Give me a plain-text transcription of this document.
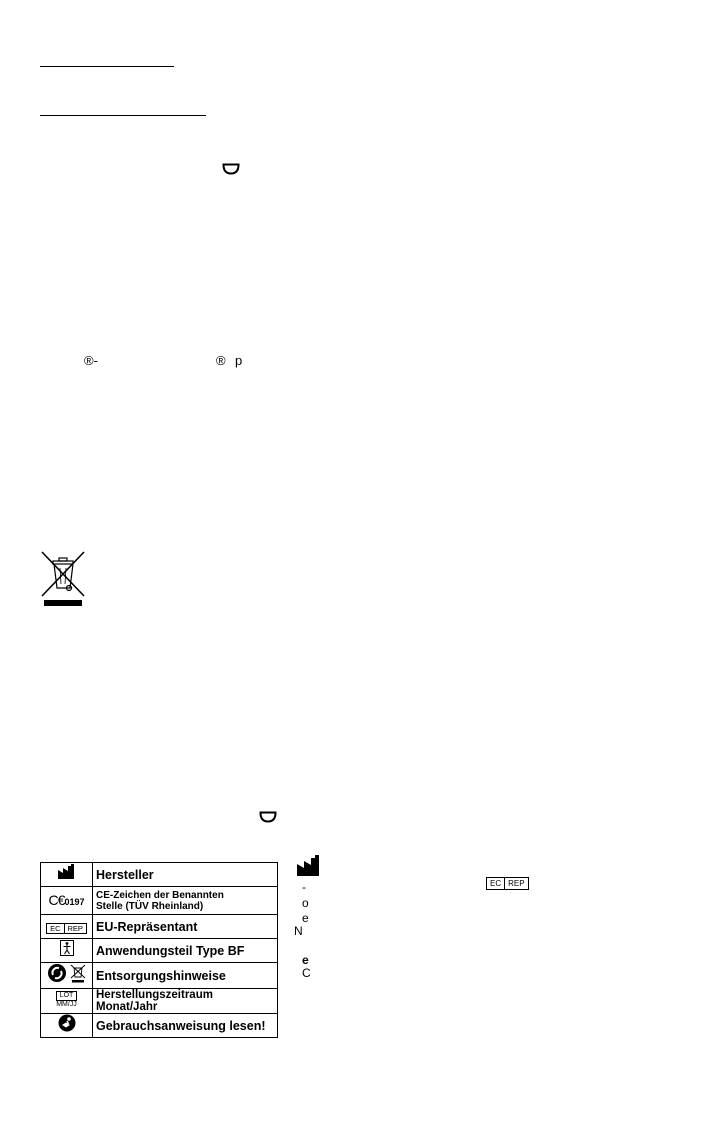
®-	® p
	Hersteller
C€0197	CE-Zeichen der Benannten
Stelle (TÜV Rheinland)

EC REP	EU-Repräsentant
	Anwendungsteil Type BF
	Entsorgungshinweise

LOT
MM/JJ	Herstellungszeitraum Monat/Jahr
	Gebrauchsanweisung lesen!
EC REP
-
o
e
N
e
C
